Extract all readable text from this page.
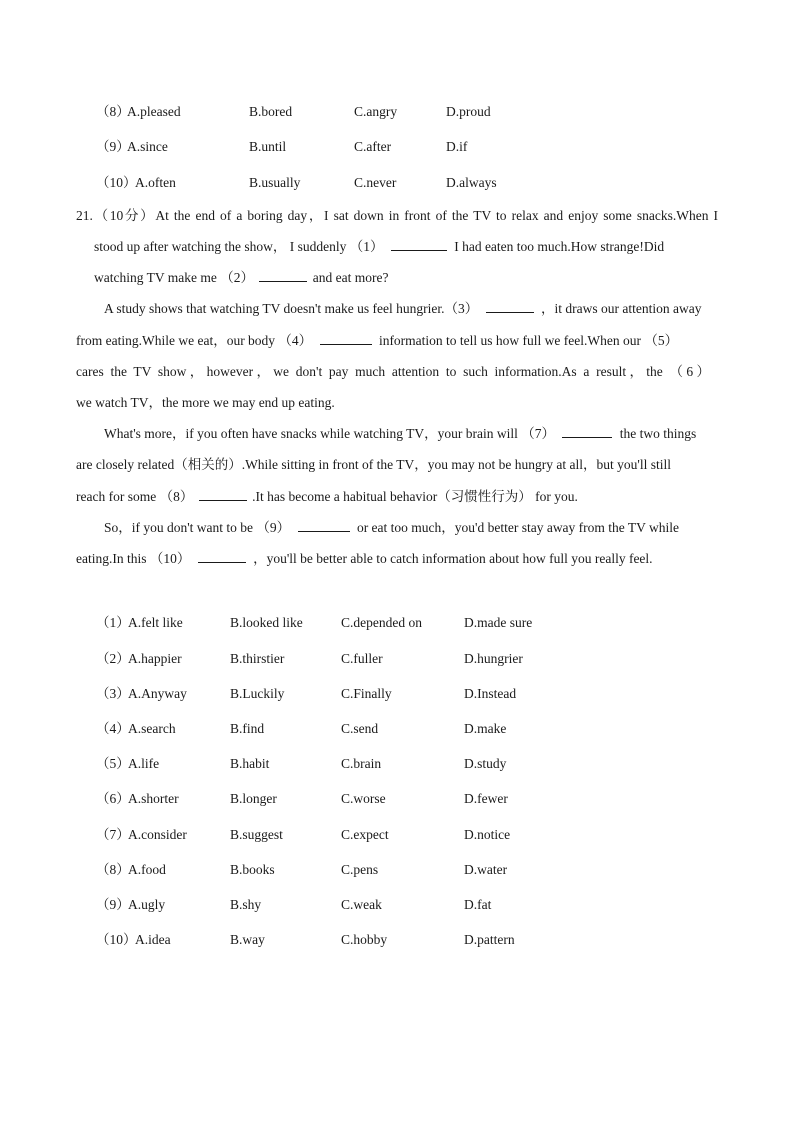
（8）
A.pleased	B.bored	C.angry	D.proud
（9）
A.since	B.until	C.after	D.if
（10）
A.often	B.usually	C.never	D.always
21.（10分）At the end of a boring day，I sat down in front of the TV to relax and enjoy some snacks.When I
stood up after watching the show， I suddenly （1）	I had eaten too much.How strange!Did
watching TV make me （2）	and eat more?
A study shows that watching TV doesn't make us feel hungrier.（3）	，it draws our attention away
from eating.While we eat，our body （4）	information to tell us how full we feel.When our （5）
cares the TV show，however，we don't pay much attention to such information.As a result，the （6）
we watch TV，the more we may end up eating.
What's more，if you often have snacks while watching TV，your brain will （7）	the two things
are closely related（相关的）.While sitting in front of the TV，you may not be hungry at all，but you'll still
reach for some （8）	.It has become a habitual behavior（习惯性行为） for you.
So，if you don't want to be （9）	or eat too much，you'd better stay away from the TV while
eating.In this （10）	，you'll be better able to catch information about how full you really feel.
（1）
A.felt like	B.looked like	C.depended on	D.made sure
（2）
A.happier	B.thirstier	C.fuller	D.hungrier
（3）
A.Anyway	B.Luckily	C.Finally	D.Instead
（4）
A.search	B.find	C.send	D.make
（5）
A.life	B.habit	C.brain	D.study
（6）
A.shorter	B.longer	C.worse	D.fewer
（7）
A.consider	B.suggest	C.expect	D.notice
（8）
A.food	B.books	C.pens	D.water
（9）
A.ugly	B.shy	C.weak	D.fat
（10）
A.idea	B.way	C.hobby	D.pattern
